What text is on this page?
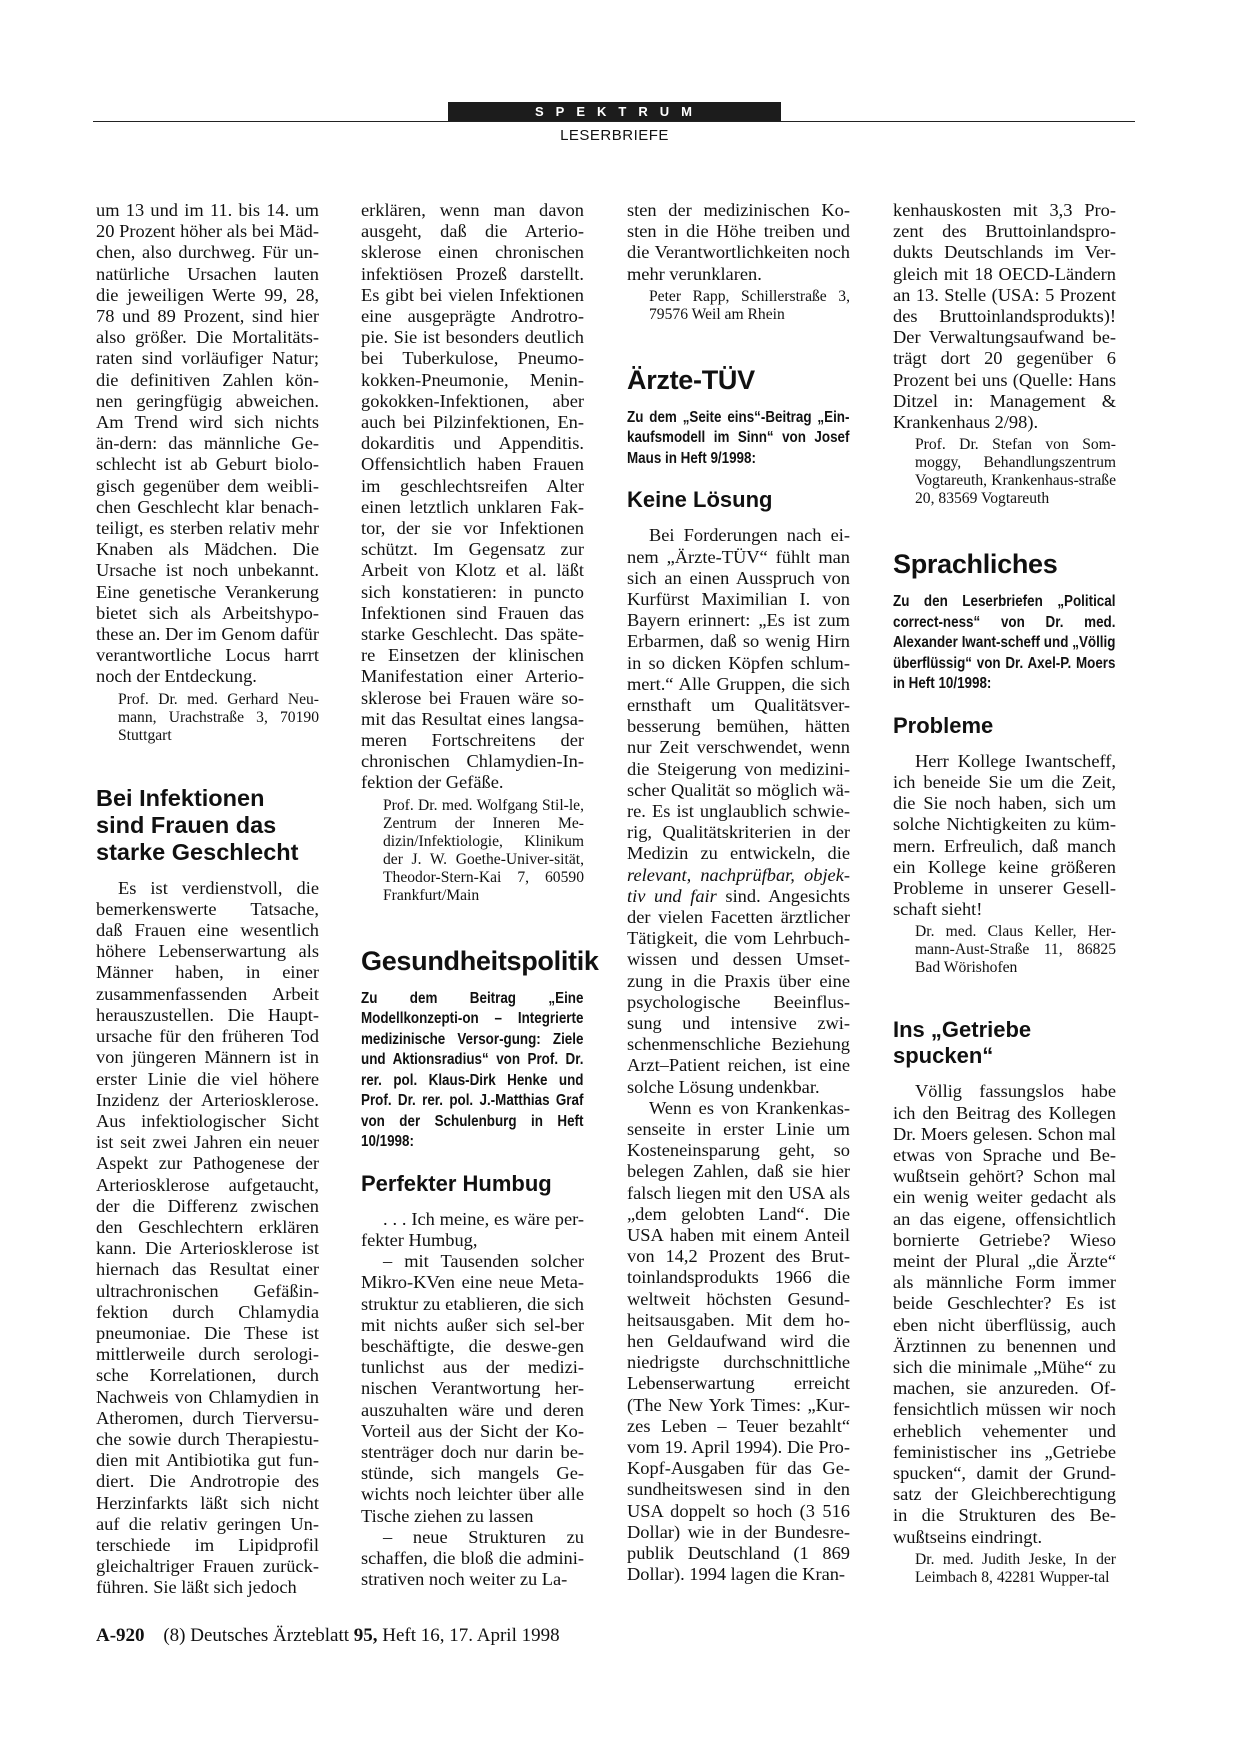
SPEKTRUM
LESERBRIEFE

um 13 und im 11. bis 14. um 20 Prozent höher als bei Mäd-chen, also durchweg. Für un-natürliche Ursachen lauten die jeweiligen Werte 99, 28, 78 und 89 Prozent, sind hier also größer. Die Mortalitäts-raten sind vorläufiger Natur; die definitiven Zahlen kön-nen geringfügig abweichen. Am Trend wird sich nichts än-dern: das männliche Ge-schlecht ist ab Geburt biolo-gisch gegenüber dem weibli-chen Geschlecht klar benach-teiligt, es sterben relativ mehr Knaben als Mädchen. Die Ursache ist noch unbekannt. Eine genetische Verankerung bietet sich als Arbeitshypo-these an. Der im Genom dafür verantwortliche Locus harrt noch der Entdeckung.

Prof. Dr. med. Gerhard Neu-mann, Urachstraße 3, 70190 Stuttgart

Bei Infektionen sind Frauen das starke Geschlecht

Es ist verdienstvoll, die bemerkenswerte Tatsache, daß Frauen eine wesentlich höhere Lebenserwartung als Männer haben, in einer zusammenfassenden Arbeit herauszustellen. Die Haupt-ursache für den früheren Tod von jüngeren Männern ist in erster Linie die viel höhere Inzidenz der Arteriosklerose. Aus infektiologischer Sicht ist seit zwei Jahren ein neuer Aspekt zur Pathogenese der Arteriosklerose aufgetaucht, der die Differenz zwischen den Geschlechtern erklären kann. Die Arteriosklerose ist hiernach das Resultat einer ultrachronischen Gefäßin-fektion durch Chlamydia pneumoniae. Die These ist mittlerweile durch serologi-sche Korrelationen, durch Nachweis von Chlamydien in Atheromen, durch Tierversu-che sowie durch Therapiestu-dien mit Antibiotika gut fun-diert. Die Androtropie des Herzinfarkts läßt sich nicht auf die relativ geringen Un-terschiede im Lipidprofil gleichaltriger Frauen zurück-führen. Sie läßt sich jedoch

erklären, wenn man davon ausgeht, daß die Arterio-sklerose einen chronischen infektiösen Prozeß darstellt. Es gibt bei vielen Infektionen eine ausgeprägte Androtro-pie. Sie ist besonders deutlich bei Tuberkulose, Pneumo-kokken-Pneumonie, Menin-gokokken-Infektionen, aber auch bei Pilzinfektionen, En-dokarditis und Appenditis. Offensichtlich haben Frauen im geschlechtsreifen Alter einen letztlich unklaren Fak-tor, der sie vor Infektionen schützt. Im Gegensatz zur Arbeit von Klotz et al. läßt sich konstatieren: in puncto Infektionen sind Frauen das starke Geschlecht. Das späte-re Einsetzen der klinischen Manifestation einer Arterio-sklerose bei Frauen wäre so-mit das Resultat eines langsa-meren Fortschreitens der chronischen Chlamydien-In-fektion der Gefäße.

Prof. Dr. med. Wolfgang Stil-le, Zentrum der Inneren Me-dizin/Infektiologie, Klinikum der J. W. Goethe-Univer-sität, Theodor-Stern-Kai 7, 60590 Frankfurt/Main

Gesundheitspolitik

Zu dem Beitrag „Eine Modellkonzepti-on – Integrierte medizinische Versor-gung: Ziele und Aktionsradius“ von Prof. Dr. rer. pol. Klaus-Dirk Henke und Prof. Dr. rer. pol. J.-Matthias Graf von der Schulenburg in Heft 10/1998:

Perfekter Humbug

. . . Ich meine, es wäre per-fekter Humbug,

– mit Tausenden solcher Mikro-KVen eine neue Meta-struktur zu etablieren, die sich mit nichts außer sich sel-ber beschäftigte, die deswe-gen tunlichst aus der medizi-nischen Verantwortung her-auszuhalten wäre und deren Vorteil aus der Sicht der Ko-stenträger doch nur darin be-stünde, sich mangels Ge-wichts noch leichter über alle Tische ziehen zu lassen

– neue Strukturen zu schaffen, die bloß die admini-strativen noch weiter zu La-

sten der medizinischen Ko-sten in die Höhe treiben und die Verantwortlichkeiten noch mehr verunklaren.

Peter Rapp, Schillerstraße 3, 79576 Weil am Rhein

Ärzte-TÜV

Zu dem „Seite eins“-Beitrag „Ein-kaufsmodell im Sinn“ von Josef Maus in Heft 9/1998:

Keine Lösung

Bei Forderungen nach ei-nem „Ärzte-TÜV“ fühlt man sich an einen Ausspruch von Kurfürst Maximilian I. von Bayern erinnert: „Es ist zum Erbarmen, daß so wenig Hirn in so dicken Köpfen schlum-mert.“ Alle Gruppen, die sich ernsthaft um Qualitätsver-besserung bemühen, hätten nur Zeit verschwendet, wenn die Steigerung von medizini-scher Qualität so möglich wä-re. Es ist unglaublich schwie-rig, Qualitätskriterien in der Medizin zu entwickeln, die relevant, nachprüfbar, objek-tiv und fair sind. Angesichts der vielen Facetten ärztlicher Tätigkeit, die vom Lehrbuch-wissen und dessen Umset-zung in die Praxis über eine psychologische Beeinflus-sung und intensive zwi-schenmenschliche Beziehung Arzt–Patient reichen, ist eine solche Lösung undenkbar.

Wenn es von Krankenkas-senseite in erster Linie um Kosteneinsparung geht, so belegen Zahlen, daß sie hier falsch liegen mit den USA als „dem gelobten Land“. Die USA haben mit einem Anteil von 14,2 Prozent des Brut-toinlandsprodukts 1966 die weltweit höchsten Gesund-heitsausgaben. Mit dem ho-hen Geldaufwand wird die niedrigste durchschnittliche Lebenserwartung erreicht (The New York Times: „Kur-zes Leben – Teuer bezahlt“ vom 19. April 1994). Die Pro-Kopf-Ausgaben für das Ge-sundheitswesen sind in den USA doppelt so hoch (3 516 Dollar) wie in der Bundesre-publik Deutschland (1 869 Dollar). 1994 lagen die Kran-

kenhauskosten mit 3,3 Pro-zent des Bruttoinlandspro-dukts Deutschlands im Ver-gleich mit 18 OECD-Ländern an 13. Stelle (USA: 5 Prozent des Bruttoinlandsprodukts)! Der Verwaltungsaufwand be-trägt dort 20 gegenüber 6 Prozent bei uns (Quelle: Hans Ditzel in: Management & Krankenhaus 2/98).

Prof. Dr. Stefan von Som-moggy, Behandlungszentrum Vogtareuth, Krankenhaus-straße 20, 83569 Vogtareuth

Sprachliches

Zu den Leserbriefen „Political correct-ness“ von Dr. med. Alexander Iwant-scheff und „Völlig überflüssig“ von Dr. Axel-P. Moers in Heft 10/1998:

Probleme

Herr Kollege Iwantscheff, ich beneide Sie um die Zeit, die Sie noch haben, sich um solche Nichtigkeiten zu küm-mern. Erfreulich, daß manch ein Kollege keine größeren Probleme in unserer Gesell-schaft sieht!

Dr. med. Claus Keller, Her-mann-Aust-Straße 11, 86825 Bad Wörishofen

Ins „Getriebe spucken“

Völlig fassungslos habe ich den Beitrag des Kollegen Dr. Moers gelesen. Schon mal etwas von Sprache und Be-wußtsein gehört? Schon mal ein wenig weiter gedacht als an das eigene, offensichtlich bornierte Getriebe? Wieso meint der Plural „die Ärzte“ als männliche Form immer beide Geschlechter? Es ist eben nicht überflüssig, auch Ärztinnen zu benennen und sich die minimale „Mühe“ zu machen, sie anzureden. Of-fensichtlich müssen wir noch erheblich vehementer und feministischer ins „Getriebe spucken“, damit der Grund-satz der Gleichberechtigung in die Strukturen des Be-wußtseins eindringt.

Dr. med. Judith Jeske, In der Leimbach 8, 42281 Wupper-tal

A-920 (8) Deutsches Ärzteblatt 95, Heft 16, 17. April 1998
